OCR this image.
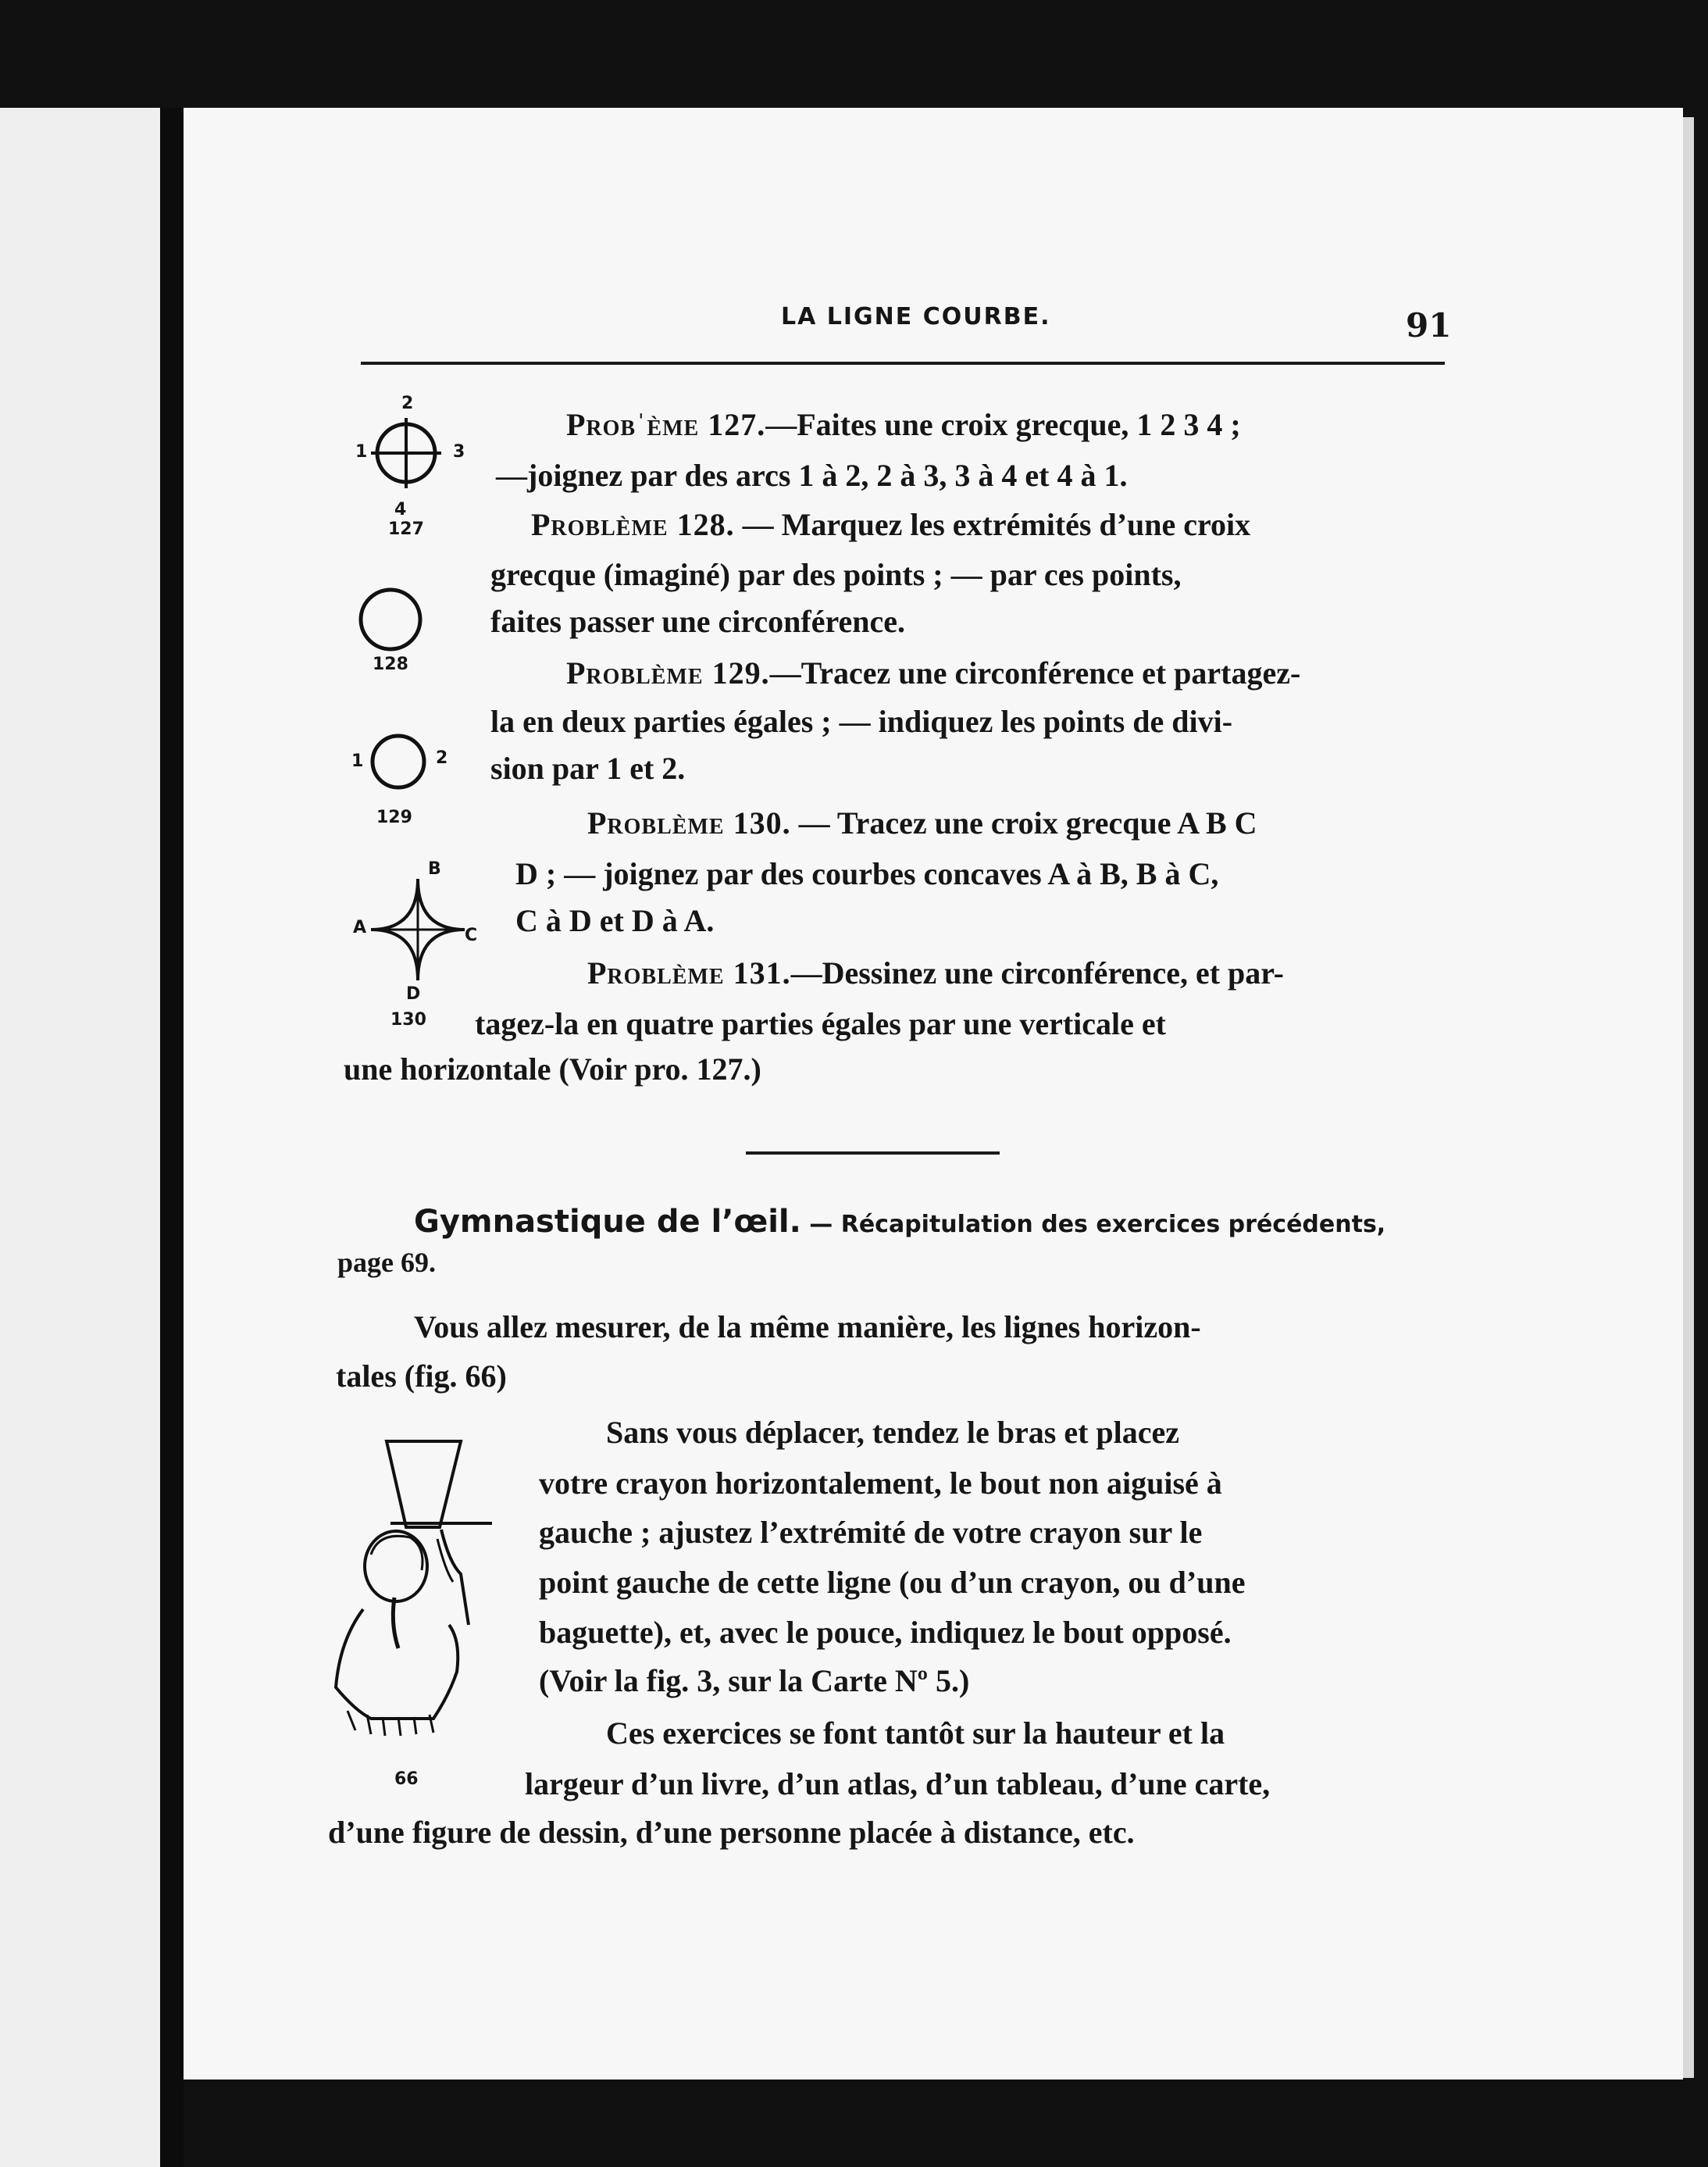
LA LIGNE COURBE.	91
Probˈème 127.—Faites une croix grecque, 1 2 3 4 ;
—joignez par des arcs 1 à 2, 2 à 3, 3 à 4 et 4 à 1.
Problème 128. — Marquez les extrémités d’une croix
grecque (imaginé) par des points ; — par ces points,
faites passer une circonférence.
Problème 129.—Tracez une circonférence et partagez-
la en deux parties égales ; — indiquez les points de divi-
sion par 1 et 2.
Problème 130. — Tracez une croix grecque A B C
D ; — joignez par des courbes concaves A à B, B à C,
C à D et D à A.
Problème 131.—Dessinez une circonférence, et par-
tagez-la en quatre parties égales par une verticale et
une horizontale (Voir pro. 127.)
2
1	3
4
127
128
1	2
129
B
A	C
D
130
Gymnastique de l’œil. — Récapitulation des exercices précédents,
page 69.
Vous allez mesurer, de la même manière, les lignes horizon-
tales (fig. 66)
Sans vous déplacer, tendez le bras et placez
votre crayon horizontalement, le bout non aiguisé à
gauche ; ajustez l’extrémité de votre crayon sur le
point gauche de cette ligne (ou d’un crayon, ou d’une
baguette), et, avec le pouce, indiquez le bout opposé.
(Voir la fig. 3, sur la Carte Nº 5.)
Ces exercices se font tantôt sur la hauteur et la
largeur d’un livre, d’un atlas, d’un tableau, d’une carte,
d’une figure de dessin, d’une personne placée à distance, etc.
66
